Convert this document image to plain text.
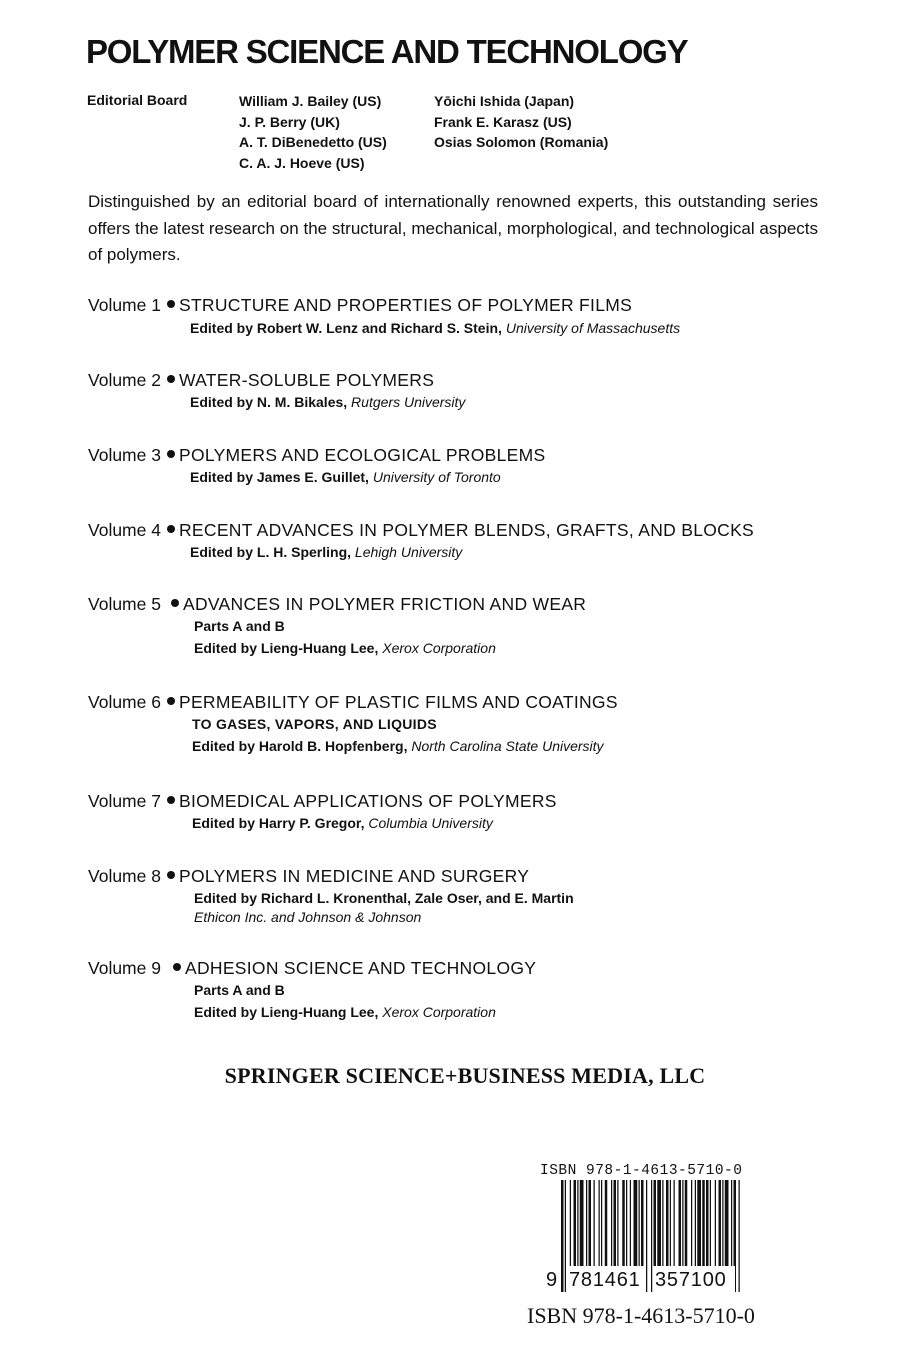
POLYMER SCIENCE AND TECHNOLOGY
Editorial Board	William J. Bailey (US)
J. P. Berry (UK)
A. T. DiBenedetto (US)
C. A. J. Hoeve (US)
Yōichi Ishida (Japan)
Frank E. Karasz (US)
Osias Solomon (Romania)
Distinguished by an editorial board of internationally renowned experts, this outstanding series offers the latest research on the structural, mechanical, morphological, and technological aspects of polymers.
Volume 1 STRUCTURE AND PROPERTIES OF POLYMER FILMS
Edited by Robert W. Lenz and Richard S. Stein, University of Massachusetts
Volume 2 WATER-SOLUBLE POLYMERS
Edited by N. M. Bikales, Rutgers University
Volume 3 POLYMERS AND ECOLOGICAL PROBLEMS
Edited by James E. Guillet, University of Toronto
Volume 4 RECENT ADVANCES IN POLYMER BLENDS, GRAFTS, AND BLOCKS
Edited by L. H. Sperling, Lehigh University
Volume 5 ADVANCES IN POLYMER FRICTION AND WEAR
Parts A and B
Edited by Lieng-Huang Lee, Xerox Corporation
Volume 6 PERMEABILITY OF PLASTIC FILMS AND COATINGS
TO GASES, VAPORS, AND LIQUIDS
Edited by Harold B. Hopfenberg, North Carolina State University
Volume 7 BIOMEDICAL APPLICATIONS OF POLYMERS
Edited by Harry P. Gregor, Columbia University
Volume 8 POLYMERS IN MEDICINE AND SURGERY
Edited by Richard L. Kronenthal, Zale Oser, and E. Martin
Ethicon Inc. and Johnson & Johnson
Volume 9 ADHESION SCIENCE AND TECHNOLOGY
Parts A and B
Edited by Lieng-Huang Lee, Xerox Corporation
SPRINGER SCIENCE+BUSINESS MEDIA, LLC
ISBN 978-1-4613-5710-0
9 781461 357100
ISBN 978-1-4613-5710-0
